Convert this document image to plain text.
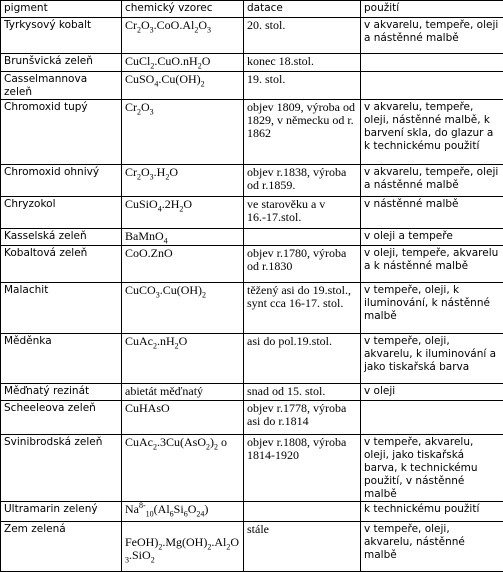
pigment	chemický vzorec	datace	použití
Tyrkysový kobalt	$Cr_2O_3.CoO.Al_2O_3$	20. stol.	v akvarelu, tempeře, oleji a nástěnné malbě
Brunšvická zeleň	$CuCl_2.CuO.nH_2O$	konec 18.stol.	
Casselmannova zeleň	$CuSO_4.Cu(OH)_2$	19. stol.	
Chromoxid tupý	$Cr_2O_3$	objev 1809, výroba od 1829, v německu od r. 1862	v akvarelu, tempeře, oleji, nástěnné malbě, k barvení skla, do glazur a k technickému použití
Chromoxid ohnivý	$Cr_2O_3.H_2O$	objev r.1838, výroba od r.1859.	v akvarelu, tempeře, oleji a nástěnné malbě
Chryzokol	$CuSiO_4.2H_2O$	ve starověku a v 16.-17.stol.	v nástěnné malbě
Kasselská zeleň	BaMnO$_4$		v oleji a tempeře
Kobaltová zeleň	CoO.ZnO	objev r.1780, výroba od r.1830	v oleji, tempeře, akvarelu a k nástěnné malbě
Malachit	$CuCO_3.Cu(OH)_2$	těžený asi do 19.stol., synt cca 16-17. stol.	v tempeře, oleji, k iluminování, k nástěnné malbě
Měděnka	$CuAc_2.nH_2O$	asi do pol.19.stol.	v tempeře, oleji, akvarelu, k iluminování a jako tiskařská barva
Měďnatý rezinát	abietát měďnatý	snad od 15. stol.	v oleji
Scheeleova zeleň	CuHAsO	objev r.1778, výroba asi do r.1814	
Svinibrodská zeleň	$CuAc_2.3Cu(AsO_2)_2$ o	objev r.1808, výroba 1814-1920	v tempeře, akvarelu, oleji, jako tiskařská barva, k technickému použití, v nástěnné malbě
Ultramarin zelený	$Na^{8-}_{10}(Al_6Si_6O_{24})$		k technickému použití
Zem zelená	$FeOH)_2.Mg(OH)_2.Al_2O_3.SiO_2$	stále	v tempeře, oleji, akvarelu, nástěnné malbě
